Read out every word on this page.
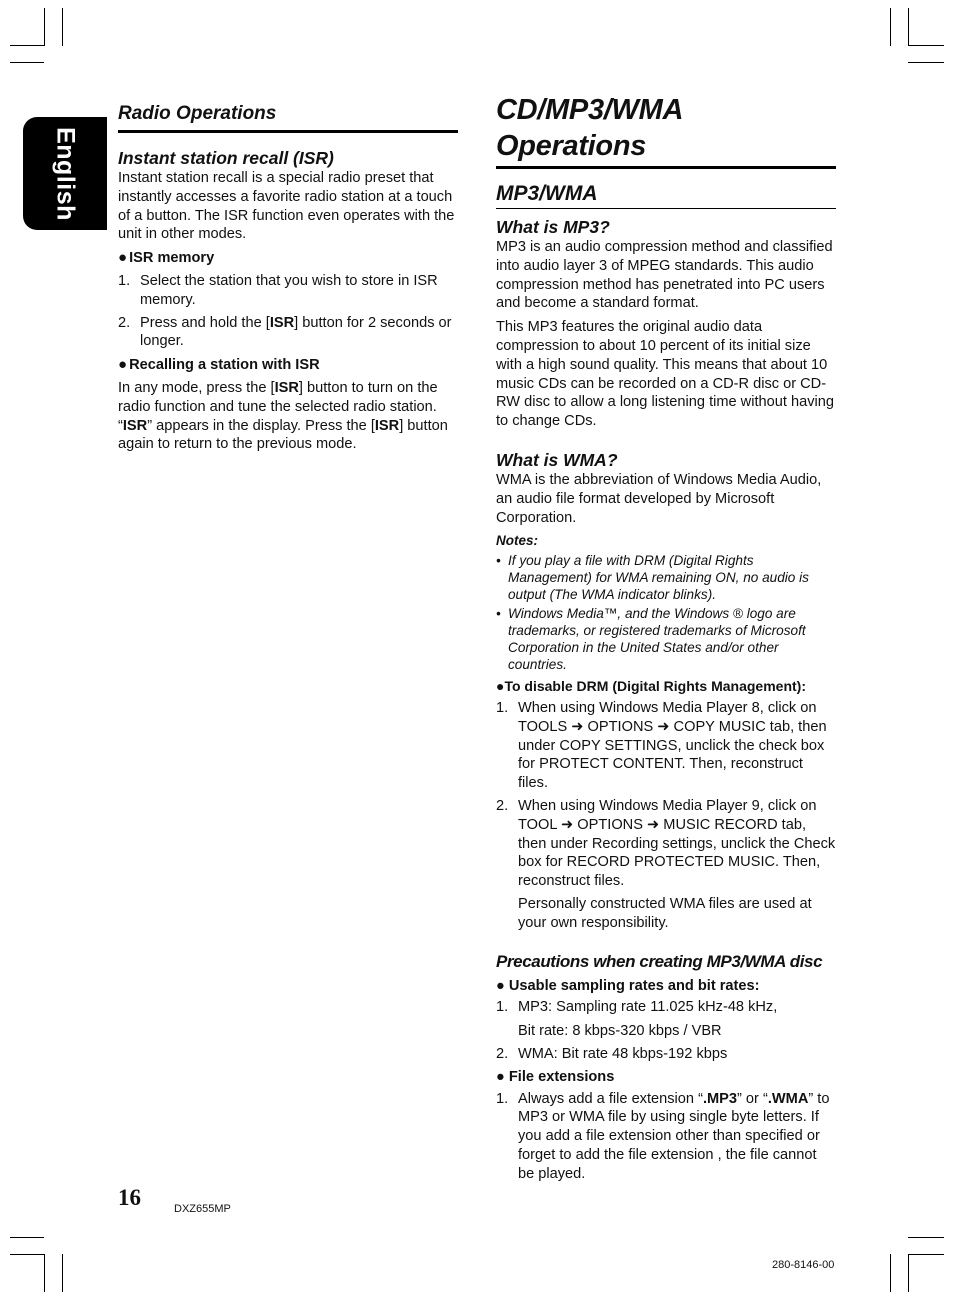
English
Radio Operations
Instant station recall (ISR)

Instant station recall is a special radio preset that instantly accesses a favorite radio station at a touch of a button. The ISR function even operates with the unit in other modes.

● ISR memory
1. Select the station that you wish to store in ISR memory.
2. Press and hold the [ISR] button for 2 seconds or longer.
● Recalling a station with ISR

In any mode, press the [ISR] button to turn on the radio function and tune the selected radio station. “ISR” appears in the display. Press the [ISR] button again to return to the previous mode.

CD/MP3/WMA Operations
MP3/WMA
What is MP3?

MP3 is an audio compression method and classified into audio layer 3 of MPEG standards. This audio compression method has penetrated into PC users and become a standard format.

This MP3 features the original audio data compression to about 10 percent of its initial size with a high sound quality. This means that about 10 music CDs can be recorded on a CD-R disc or CD-RW disc to allow a long listening time without having to change CDs.

What is WMA?

WMA is the abbreviation of Windows Media Audio, an audio file format developed by Microsoft Corporation.

Notes:
• If you play a file with DRM (Digital Rights Management) for WMA remaining ON, no audio is output (The WMA indicator blinks).
• Windows Media™, and the Windows ® logo are trademarks, or registered trademarks of Microsoft Corporation in the United States and/or other countries.
●To disable DRM (Digital Rights Management):
1. When using Windows Media Player 8, click on TOOLS ➜ OPTIONS ➜ COPY MUSIC tab, then under COPY SETTINGS, unclick the check box for PROTECT CONTENT. Then, reconstruct files.
2. When using Windows Media Player 9, click on TOOL ➜ OPTIONS ➜ MUSIC RECORD tab, then under Recording settings, unclick the Check box for RECORD PROTECTED MUSIC. Then, reconstruct files.

Personally constructed WMA files are used at your own responsibility.

Precautions when creating MP3/WMA disc
● Usable sampling rates and bit rates:
1. MP3: Sampling rate 11.025 kHz-48 kHz,
Bit rate: 8 kbps-320 kbps / VBR
2. WMA: Bit rate 48 kbps-192 kbps
● File extensions
1. Always add a file extension “.MP3” or “.WMA” to MP3 or WMA file by using single byte letters. If you add a file extension other than specified or forget to add the file extension , the file cannot be played.
16	DXZ655MP
280-8146-00
